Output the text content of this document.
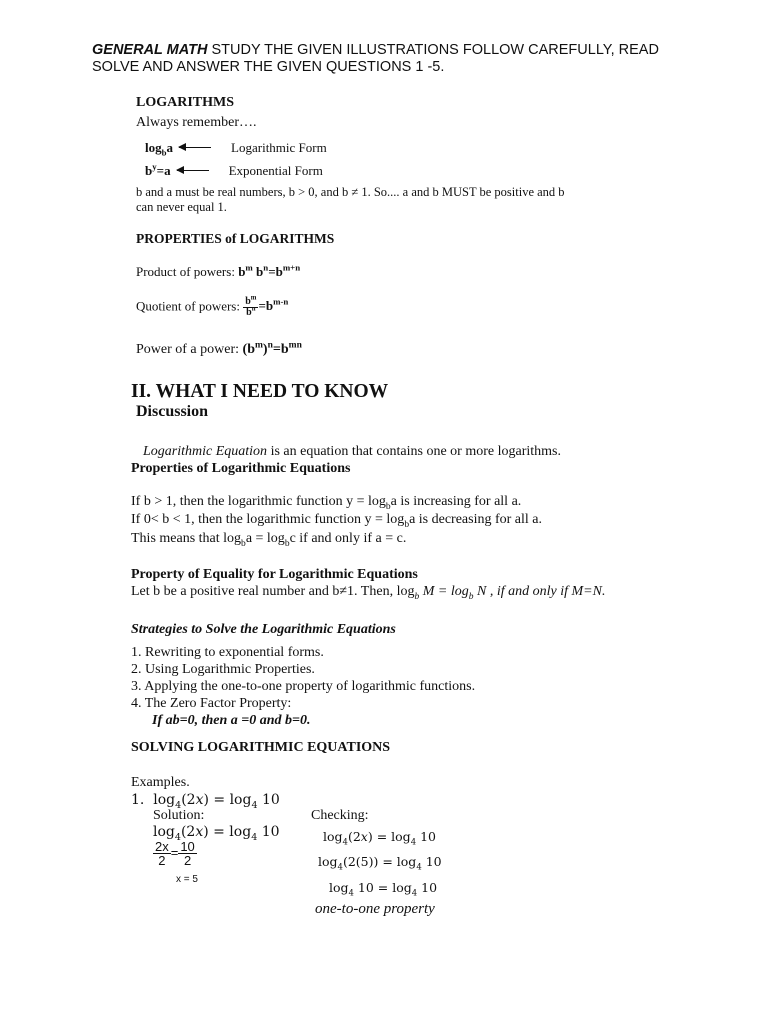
GENERAL MATH STUDY THE GIVEN ILLUSTRATIONS FOLLOW CAREFULLY, READ
SOLVE AND ANSWER THE GIVEN QUESTIONS 1 -5.
LOGARITHMS
Always remember….
$\log_ba$	Logarithmic Form
$b^y=a$	Exponential Form
b and a must be real numbers, b > 0, and b ≠ 1. So.... a and b MUST be positive and b
can never equal 1.
PROPERTIES of LOGARITHMS
Product of powers: $b^m$ $b^n=b^{m+n}$
Quotient of powers: $\frac{b^m}{b^n} =b^{m-n}$
Power of a power: $(b^m)^n=b^{mn}$
II. WHAT I NEED TO KNOW
Discussion
Logarithmic Equation is an equation that contains one or more logarithms.
Properties of Logarithmic Equations
If b > 1, then the logarithmic function $y = \log_ba$ is increasing for all a.
If 0< b < 1, then the logarithmic function $y = \log_ba$ is decreasing for all a.
This means that $\log_ba = \log_bc$ if and only if a = c.
Property of Equality for Logarithmic Equations
Let b be a positive real number and b≠1. Then, $\log_b M = \log_b N$ , if and only if M=N.
Strategies to Solve the Logarithmic Equations
1. Rewriting to exponential forms.
2. Using Logarithmic Properties.
3. Applying the one-to-one property of logarithmic functions.
4. The Zero Factor Property:
If ab=0, then a =0 and b=0.
SOLVING LOGARITHMIC EQUATIONS
Examples.
1.  $\log_4(2x) = \log_4 10$
Solution:
$\log_4(2x) = \log_4 10$
$\frac{2x}{2} = \frac{10}{2}$
x = 5
Checking:
$\log_4(2x) = \log_4 10$
$\log_4(2(5)) = \log_4 10$
$\log_4 10 = \log_4 10$
one-to-one property
